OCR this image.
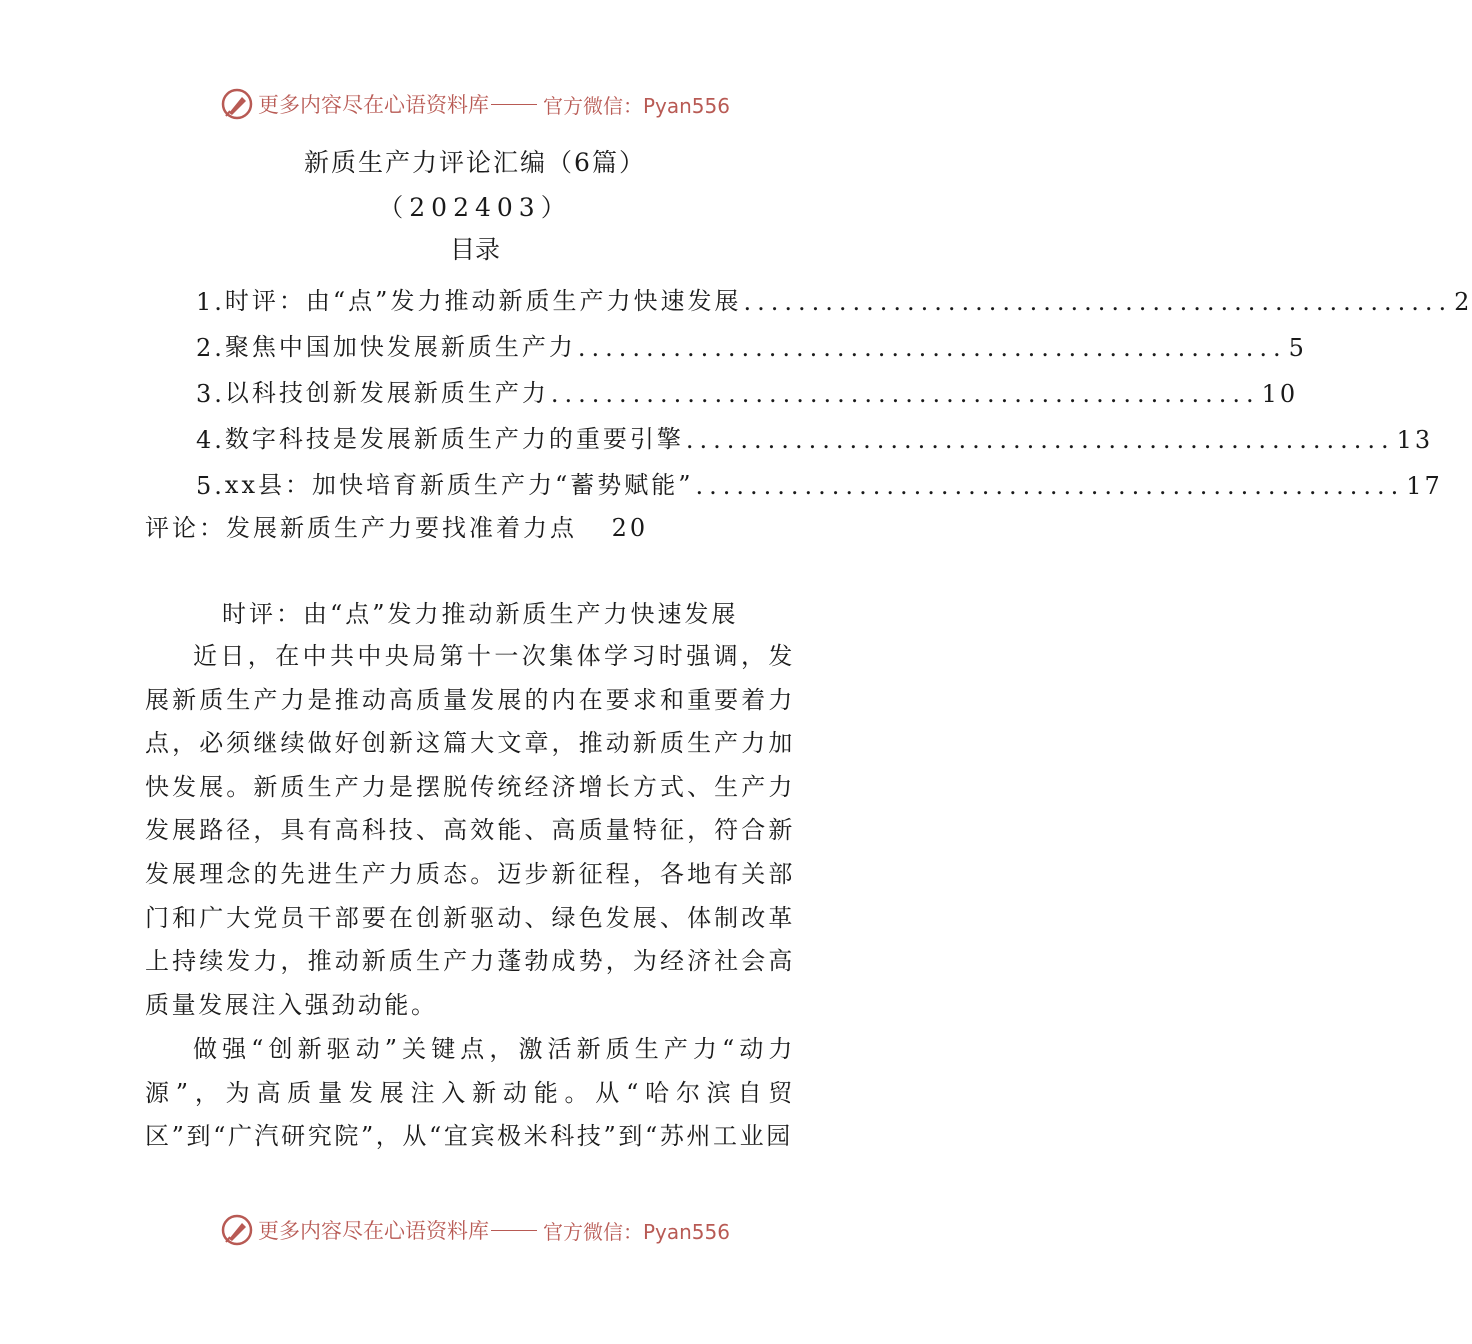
更多内容尽在心语资料库	官方微信：Pyan556
新质生产力评论汇编（6篇）
（202403）
目录
1. 时评：由“点”发力推动新质生产力快速发展 .................................................... 2
2. 聚焦中国加快发展新质生产力 .................................................... 5
3. 以科技创新发展新质生产力 .................................................... 10
4. 数字科技是发展新质生产力的重要引擎 .................................................... 13
5. xx县：加快培育新质生产力“蓄势赋能” .................................................... 17
评论：发展新质生产力要找准着力点 20
时评：由“点”发力推动新质生产力快速发展

近日，在中共中央局第十一次集体学习时强调，发展新质生产力是推动高质量发展的内在要求和重要着力点，必须继续做好创新这篇大文章，推动新质生产力加快发展。新质生产力是摆脱传统经济增长方式、生产力发展路径，具有高科技、高效能、高质量特征，符合新发展理念的先进生产力质态。迈步新征程，各地有关部门和广大党员干部要在创新驱动、绿色发展、体制改革上持续发力，推动新质生产力蓬勃成势，为经济社会高质量发展注入强劲动能。

做强“创新驱动”关键点，激活新质生产力“动力源”，为高质量发展注入新动能。从“哈尔滨自贸区”到“广汽研究院”，从“宜宾极米科技”到“苏州工业园

更多内容尽在心语资料库	官方微信：Pyan556
